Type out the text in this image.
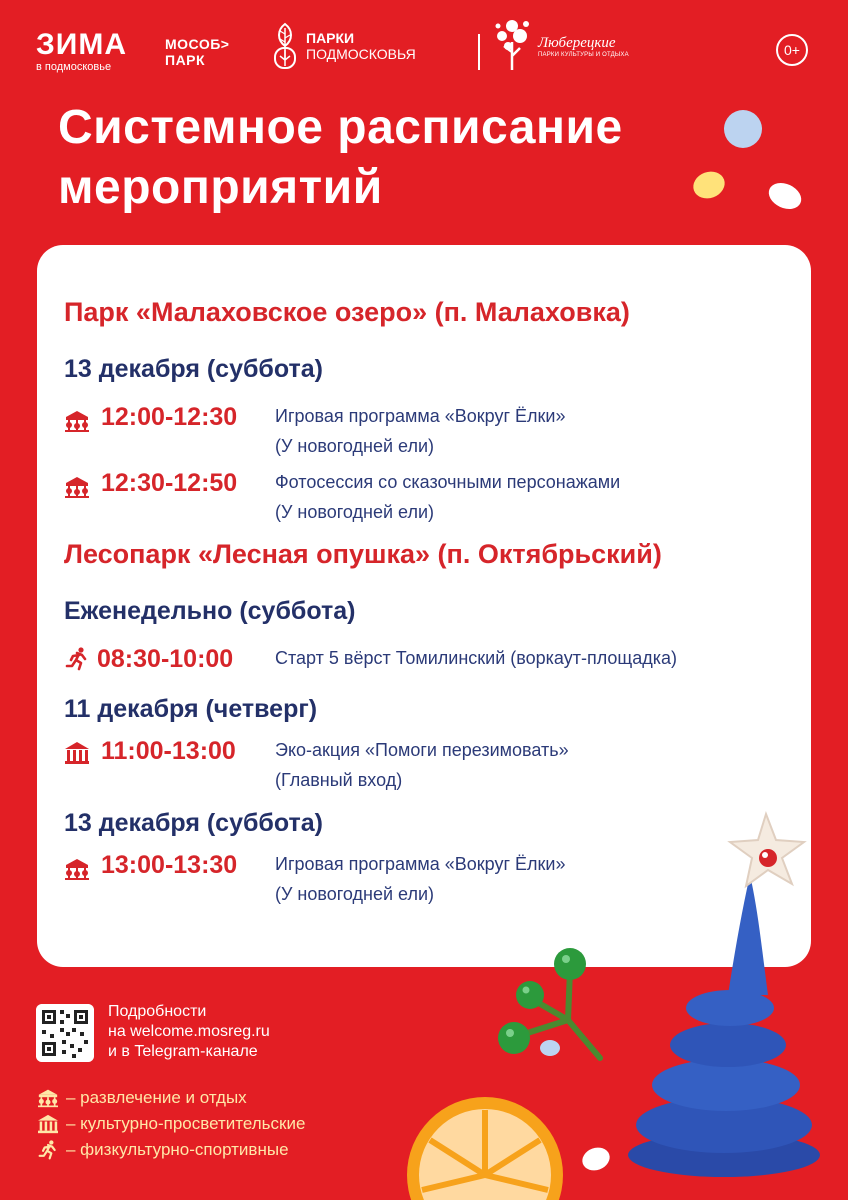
ЗИМА
в подмосковье
МОСОБ>
ПАРК
ПАРКИ
ПОДМОСКОВЬЯ
Люберецкие
ПАРКИ КУЛЬТУРЫ И ОТДЫХА	0+
Системное расписание
мероприятий
Парк «Малаховское озеро» (п. Малаховка)
13 декабря (суббота)
12:00-12:30 Игровая программа «Вокруг Ёлки»
(У новогодней ели)
12:30-12:50 Фотосессия со сказочными персонажами
(У новогодней ели)
Лесопарк «Лесная опушка» (п. Октябрьский)
Еженедельно (суббота)
08:30-10:00 Старт 5 вёрст Томилинский (воркаут-площадка)
11 декабря (четверг)
11:00-13:00 Эко-акция «Помоги перезимовать»
(Главный вход)
13 декабря (суббота)
13:00-13:30 Игровая программа «Вокруг Ёлки»
(У новогодней ели)
Подробности
на welcome.mosreg.ru
и в Telegram-канале
– развлечение и отдых
– культурно-просветительские
– физкультурно-спортивные
